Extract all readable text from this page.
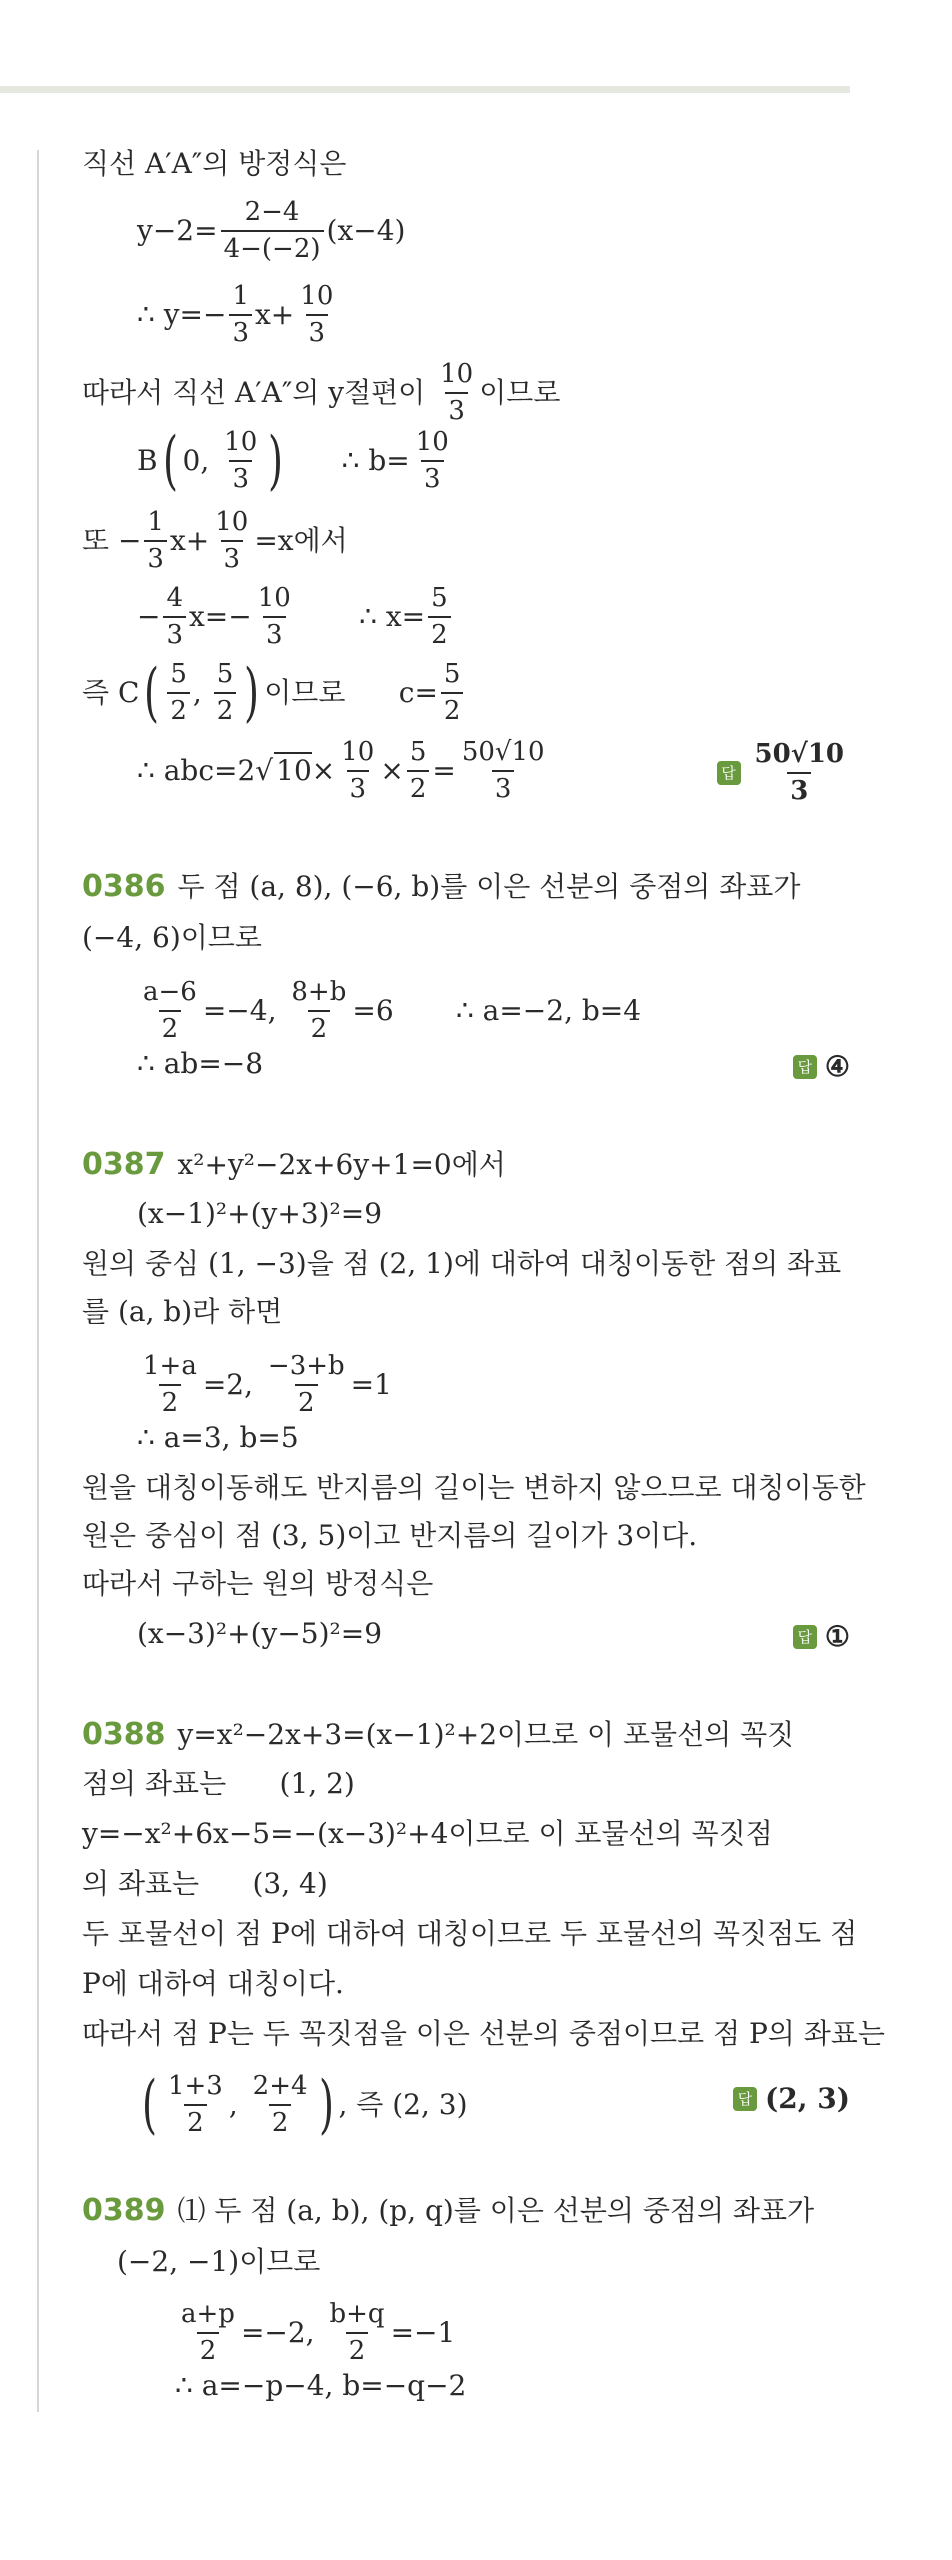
직선 A′A″의 방정식은
$y-2= \frac{2-4}{4-(-2)} (x-4)$
∴ $y=- \frac{1}{3} x+ \frac{10}{3}$
따라서 직선 A′A″의 y절편이 $\frac{10}{3}$ 이므로
B ( 0, $\frac{10}{3}$ ) ∴ $b= \frac{10}{3}$
또 − $\frac{1}{3} x+ \frac{10}{3} =x$에서
− $\frac{4}{3} x=- \frac{10}{3}$ ∴ $x= \frac{5}{2}$
즉 C ( $\frac{5}{2}$ , $\frac{5}{2}$ ) 이므로      $c= \frac{5}{2}$
∴ abc=2 √ $10 \times \frac{10}{3} \times \frac{5}{2} = \frac{50√10}{3}$
0386 두 점 (a, 8), (−6, b)를 이은 선분의 중점의 좌표가
(−4, 6)이므로
$\frac{a-6}{2} =-4$, $\frac{8+b}{2} =6$       ∴ a=−2, b=4
∴ ab=−8
0387 x²+y²−2x+6y+1=0에서
(x−1)²+(y+3)²=9
원의 중심 (1, −3)을 점 (2, 1)에 대하여 대칭이동한 점의 좌표
를 (a, b)라 하면
$\frac{1+a}{2} =2$, $\frac{-3+b}{2} =1$
∴ a=3, b=5
원을 대칭이동해도 반지름의 길이는 변하지 않으므로 대칭이동한
원은 중심이 점 (3, 5)이고 반지름의 길이가 3이다.
따라서 구하는 원의 방정식은
(x−3)²+(y−5)²=9
0388 y=x²−2x+3=(x−1)²+2이므로 이 포물선의 꼭짓
점의 좌표는      (1, 2)
y=−x²+6x−5=−(x−3)²+4이므로 이 포물선의 꼭짓점
의 좌표는      (3, 4)
두 포물선이 점 P에 대하여 대칭이므로 두 포물선의 꼭짓점도 점
P에 대하여 대칭이다.
따라서 점 P는 두 꼭짓점을 이은 선분의 중점이므로 점 P의 좌표는
( $\frac{1+3}{2}$ , $\frac{2+4}{2}$ ) , 즉 (2, 3)
0389 ⑴ 두 점 (a, b), (p, q)를 이은 선분의 중점의 좌표가
(−2, −1)이므로
$\frac{a+p}{2} =-2$, $\frac{b+q}{2} =-1$
∴ a=−p−4, b=−q−2
답 $\frac{50√10}{3}$
답 ④
답 ①
답 (2, 3)
